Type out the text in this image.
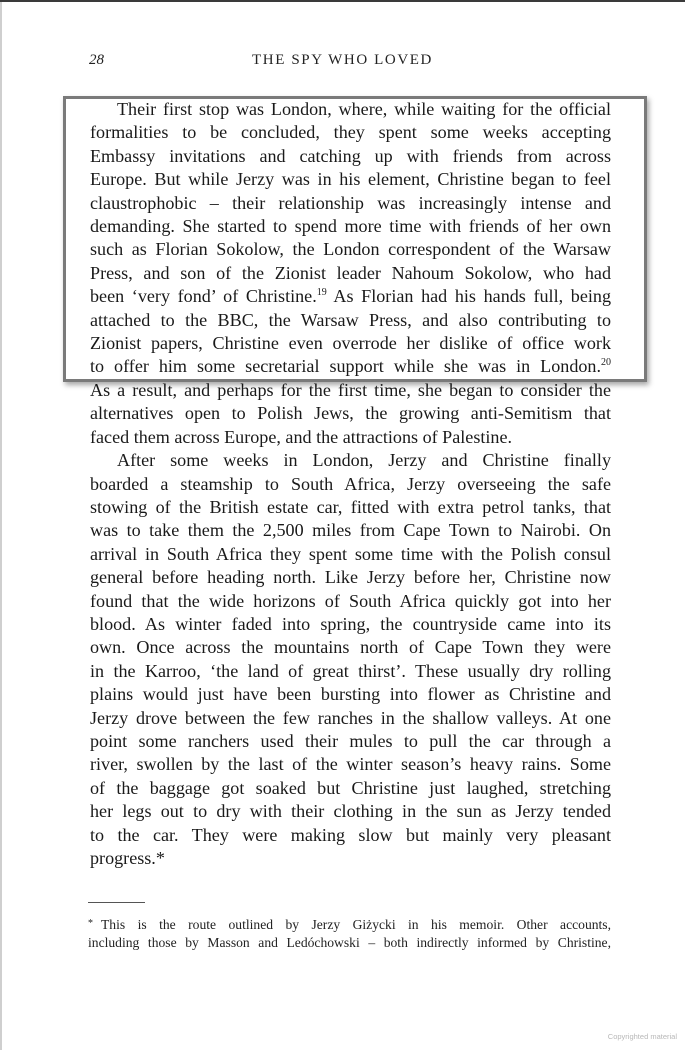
28	THE SPY WHO LOVED
Their first stop was London, where, while waiting for the official
formalities to be concluded, they spent some weeks accepting
Embassy invitations and catching up with friends from across
Europe. But while Jerzy was in his element, Christine began to feel
claustrophobic – their relationship was increasingly intense and
demanding. She started to spend more time with friends of her own
such as Florian Sokolow, the London correspondent of the Warsaw
Press, and son of the Zionist leader Nahoum Sokolow, who had
been ‘very fond’ of Christine.$^{19}$ As Florian had his hands full, being
attached to the BBC, the Warsaw Press, and also contributing to
Zionist papers, Christine even overrode her dislike of office work
to offer him some secretarial support while she was in London.$^{20}$
As a result, and perhaps for the first time, she began to consider the
alternatives open to Polish Jews, the growing anti-Semitism that
faced them across Europe, and the attractions of Palestine.
After some weeks in London, Jerzy and Christine finally
boarded a steamship to South Africa, Jerzy overseeing the safe
stowing of the British estate car, fitted with extra petrol tanks, that
was to take them the 2,500 miles from Cape Town to Nairobi. On
arrival in South Africa they spent some time with the Polish consul
general before heading north. Like Jerzy before her, Christine now
found that the wide horizons of South Africa quickly got into her
blood. As winter faded into spring, the countryside came into its
own. Once across the mountains north of Cape Town they were
in the Karroo, ‘the land of great thirst’. These usually dry rolling
plains would just have been bursting into flower as Christine and
Jerzy drove between the few ranches in the shallow valleys. At one
point some ranchers used their mules to pull the car through a
river, swollen by the last of the winter season’s heavy rains. Some
of the baggage got soaked but Christine just laughed, stretching
her legs out to dry with their clothing in the sun as Jerzy tended
to the car. They were making slow but mainly very pleasant
progress.*
* This is the route outlined by Jerzy Giżycki in his memoir. Other accounts,
including those by Masson and Ledóchowski – both indirectly informed by Christine,
Copyrighted material
